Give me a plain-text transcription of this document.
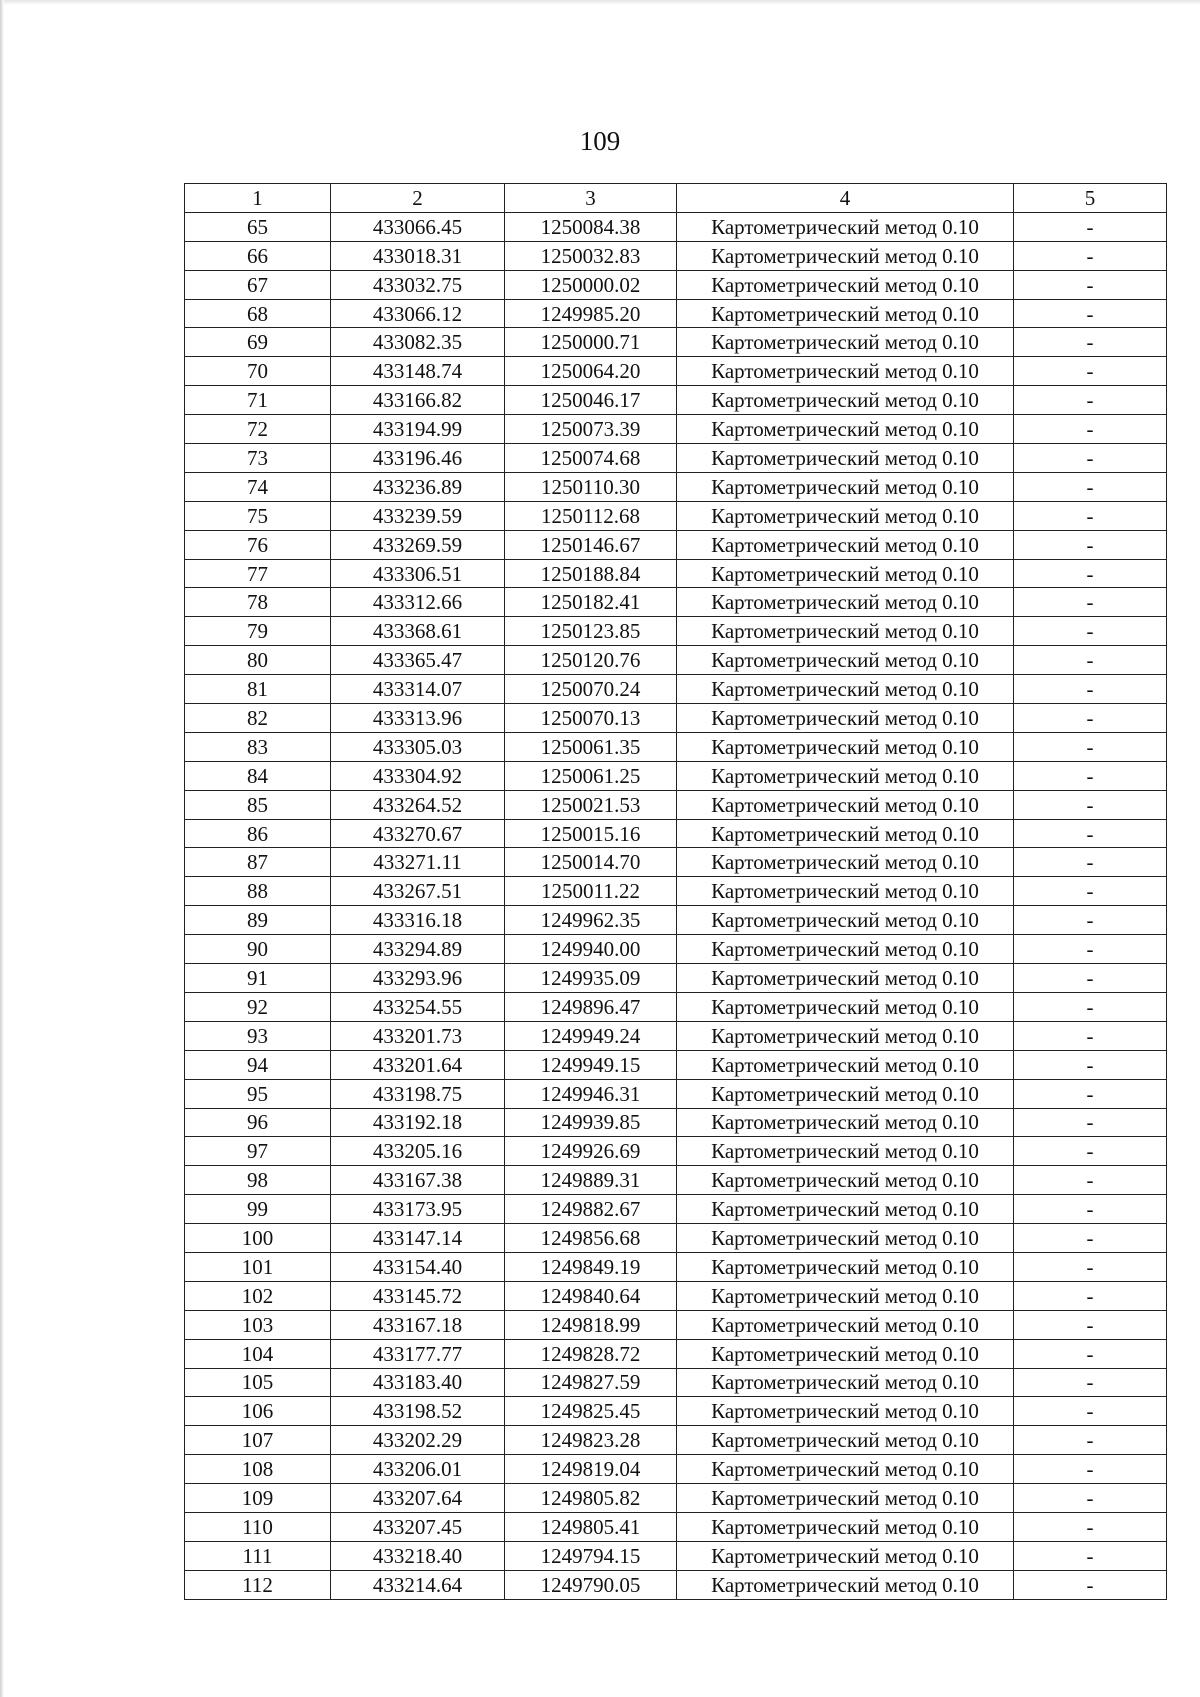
109
1	2	3	4	5
65	433066.45	1250084.38	Картометрический метод 0.10	-
66	433018.31	1250032.83	Картометрический метод 0.10	-
67	433032.75	1250000.02	Картометрический метод 0.10	-
68	433066.12	1249985.20	Картометрический метод 0.10	-
69	433082.35	1250000.71	Картометрический метод 0.10	-
70	433148.74	1250064.20	Картометрический метод 0.10	-
71	433166.82	1250046.17	Картометрический метод 0.10	-
72	433194.99	1250073.39	Картометрический метод 0.10	-
73	433196.46	1250074.68	Картометрический метод 0.10	-
74	433236.89	1250110.30	Картометрический метод 0.10	-
75	433239.59	1250112.68	Картометрический метод 0.10	-
76	433269.59	1250146.67	Картометрический метод 0.10	-
77	433306.51	1250188.84	Картометрический метод 0.10	-
78	433312.66	1250182.41	Картометрический метод 0.10	-
79	433368.61	1250123.85	Картометрический метод 0.10	-
80	433365.47	1250120.76	Картометрический метод 0.10	-
81	433314.07	1250070.24	Картометрический метод 0.10	-
82	433313.96	1250070.13	Картометрический метод 0.10	-
83	433305.03	1250061.35	Картометрический метод 0.10	-
84	433304.92	1250061.25	Картометрический метод 0.10	-
85	433264.52	1250021.53	Картометрический метод 0.10	-
86	433270.67	1250015.16	Картометрический метод 0.10	-
87	433271.11	1250014.70	Картометрический метод 0.10	-
88	433267.51	1250011.22	Картометрический метод 0.10	-
89	433316.18	1249962.35	Картометрический метод 0.10	-
90	433294.89	1249940.00	Картометрический метод 0.10	-
91	433293.96	1249935.09	Картометрический метод 0.10	-
92	433254.55	1249896.47	Картометрический метод 0.10	-
93	433201.73	1249949.24	Картометрический метод 0.10	-
94	433201.64	1249949.15	Картометрический метод 0.10	-
95	433198.75	1249946.31	Картометрический метод 0.10	-
96	433192.18	1249939.85	Картометрический метод 0.10	-
97	433205.16	1249926.69	Картометрический метод 0.10	-
98	433167.38	1249889.31	Картометрический метод 0.10	-
99	433173.95	1249882.67	Картометрический метод 0.10	-
100	433147.14	1249856.68	Картометрический метод 0.10	-
101	433154.40	1249849.19	Картометрический метод 0.10	-
102	433145.72	1249840.64	Картометрический метод 0.10	-
103	433167.18	1249818.99	Картометрический метод 0.10	-
104	433177.77	1249828.72	Картометрический метод 0.10	-
105	433183.40	1249827.59	Картометрический метод 0.10	-
106	433198.52	1249825.45	Картометрический метод 0.10	-
107	433202.29	1249823.28	Картометрический метод 0.10	-
108	433206.01	1249819.04	Картометрический метод 0.10	-
109	433207.64	1249805.82	Картометрический метод 0.10	-
110	433207.45	1249805.41	Картометрический метод 0.10	-
111	433218.40	1249794.15	Картометрический метод 0.10	-
112	433214.64	1249790.05	Картометрический метод 0.10	-
